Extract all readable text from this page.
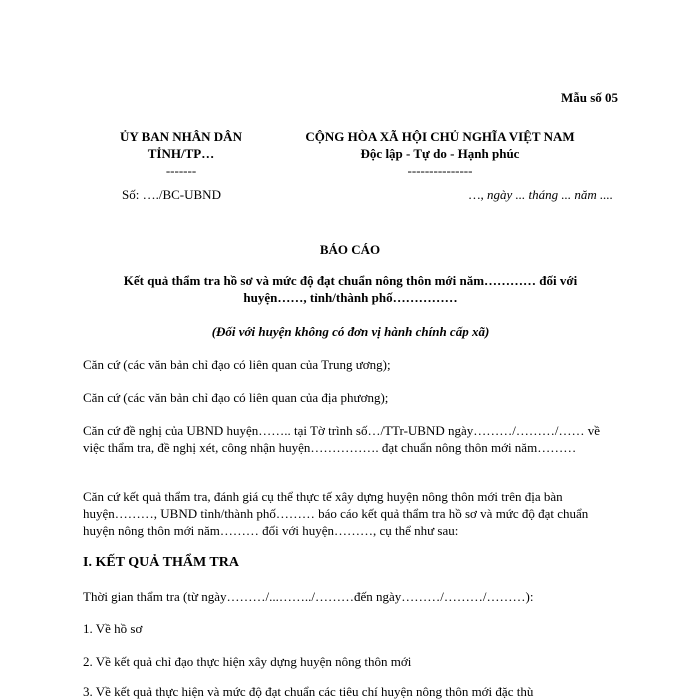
Mẫu số 05
ỦY BAN NHÂN DÂN
TỈNH/TP…
-------
CỘNG HÒA XÃ HỘI CHỦ NGHĨA VIỆT NAM
Độc lập - Tự do - Hạnh phúc
---------------
Số: …./BC-UBND	…, ngày ... tháng ... năm ....
BÁO CÁO
Kết quả thẩm tra hồ sơ và mức độ đạt chuẩn nông thôn mới năm………… đối với
huyện……, tỉnh/thành phố……………
(Đối với huyện không có đơn vị hành chính cấp xã)
Căn cứ (các văn bản chỉ đạo có liên quan của Trung ương);
Căn cứ (các văn bản chỉ đạo có liên quan của địa phương);
Căn cứ đề nghị của UBND huyện…….. tại Tờ trình số…/TTr-UBND ngày………/………/…… về việc thẩm tra, đề nghị xét, công nhận huyện……………. đạt chuẩn nông thôn mới năm………
Căn cứ kết quả thẩm tra, đánh giá cụ thể thực tế xây dựng huyện nông thôn mới trên địa bàn huyện………, UBND tỉnh/thành phố……… báo cáo kết quả thẩm tra hồ sơ và mức độ đạt chuẩn huyện nông thôn mới năm……… đối với huyện………, cụ thể như sau:
I. KẾT QUẢ THẨM TRA
Thời gian thẩm tra (từ ngày………/...……../………đến ngày………/………/………):
1. Về hồ sơ
2. Về kết quả chỉ đạo thực hiện xây dựng huyện nông thôn mới
3. Về kết quả thực hiện và mức độ đạt chuẩn các tiêu chí huyện nông thôn mới đặc thù
